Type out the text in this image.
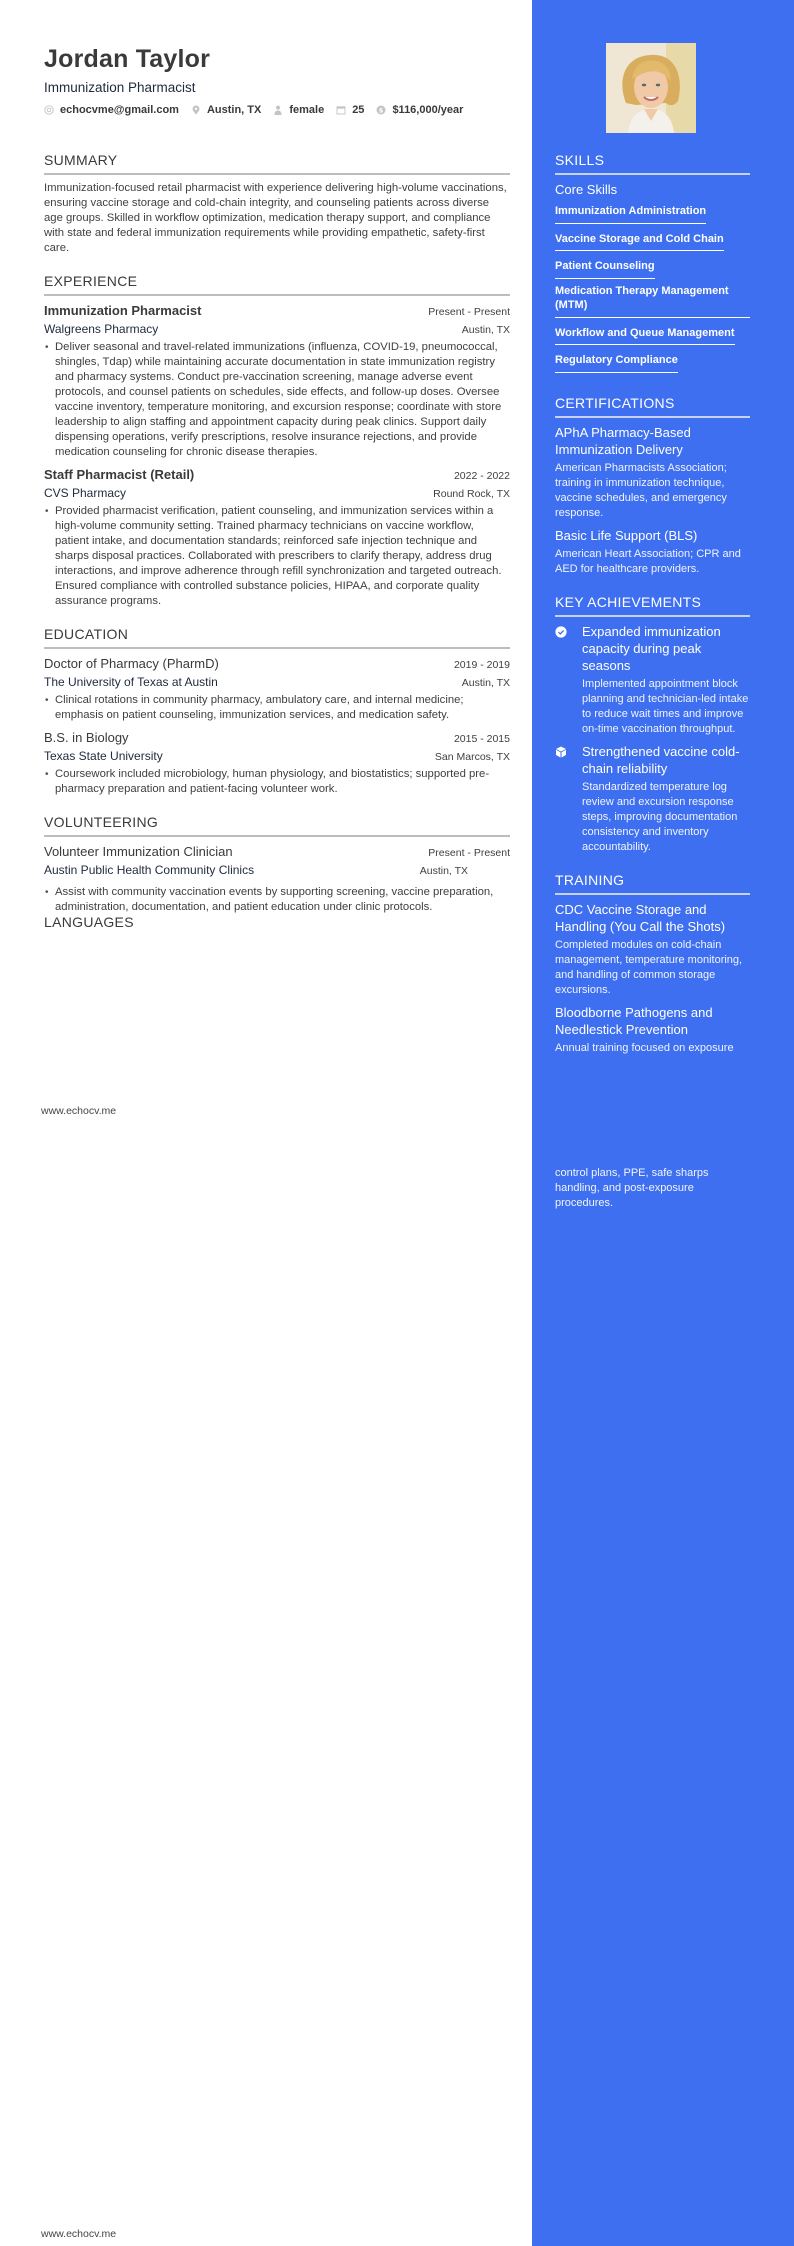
Jordan Taylor
Immunization Pharmacist
echocvme@gmail.com	Austin, TX	female	25 $ $116,000/year
SUMMARY
Immunization-focused retail pharmacist with experience delivering high-volume vaccinations, ensuring vaccine storage and cold-chain integrity, and counseling patients across diverse age groups. Skilled in workflow optimization, medication therapy support, and compliance with state and federal immunization requirements while providing empathetic, safety-first care.
EXPERIENCE
Immunization Pharmacist	Present - Present
Walgreens Pharmacy	Austin, TX
• Deliver seasonal and travel-related immunizations (influenza, COVID-19, pneumococcal, shingles, Tdap) while maintaining accurate documentation in state immunization registry and pharmacy systems. Conduct pre-vaccination screening, manage adverse event protocols, and counsel patients on schedules, side effects, and follow-up doses. Oversee vaccine inventory, temperature monitoring, and excursion response; coordinate with store leadership to align staffing and appointment capacity during peak clinics. Support daily dispensing operations, verify prescriptions, resolve insurance rejections, and provide medication counseling for chronic disease therapies.
Staff Pharmacist (Retail)	2022 - 2022
CVS Pharmacy	Round Rock, TX
• Provided pharmacist verification, patient counseling, and immunization services within a high-volume community setting. Trained pharmacy technicians on vaccine workflow, patient intake, and documentation standards; reinforced safe injection technique and sharps disposal practices. Collaborated with prescribers to clarify therapy, address drug interactions, and improve adherence through refill synchronization and targeted outreach. Ensured compliance with controlled substance policies, HIPAA, and corporate quality assurance programs.
EDUCATION
Doctor of Pharmacy (PharmD)	2019 - 2019
The University of Texas at Austin	Austin, TX
• Clinical rotations in community pharmacy, ambulatory care, and internal medicine; emphasis on patient counseling, immunization services, and medication safety.
B.S. in Biology	2015 - 2015
Texas State University	San Marcos, TX
• Coursework included microbiology, human physiology, and biostatistics; supported pre-pharmacy preparation and patient-facing volunteer work.
VOLUNTEERING
Volunteer Immunization Clinician	Present - Present
Austin Public Health Community Clinics	Austin, TX
• Assist with community vaccination events by supporting screening, vaccine preparation, administration, documentation, and patient education under clinic protocols.
LANGUAGES
www.echocv.me
www.echocv.me
SKILLS
Core Skills
Immunization Administration
Vaccine Storage and Cold Chain
Patient Counseling
Medication Therapy Management (MTM)
Workflow and Queue Management
Regulatory Compliance
CERTIFICATIONS
APhA Pharmacy-Based Immunization Delivery
American Pharmacists Association; training in immunization technique, vaccine schedules, and emergency response.
Basic Life Support (BLS)
American Heart Association; CPR and AED for healthcare providers.
KEY ACHIEVEMENTS
Expanded immunization capacity during peak seasons
Implemented appointment block planning and technician-led intake to reduce wait times and improve on-time vaccination throughput.
Strengthened vaccine cold-chain reliability
Standardized temperature log review and excursion response steps, improving documentation consistency and inventory accountability.
TRAINING
CDC Vaccine Storage and Handling (You Call the Shots)
Completed modules on cold-chain management, temperature monitoring, and handling of common storage excursions.
Bloodborne Pathogens and Needlestick Prevention
Annual training focused on exposure
control plans, PPE, safe sharps handling, and post-exposure procedures.
